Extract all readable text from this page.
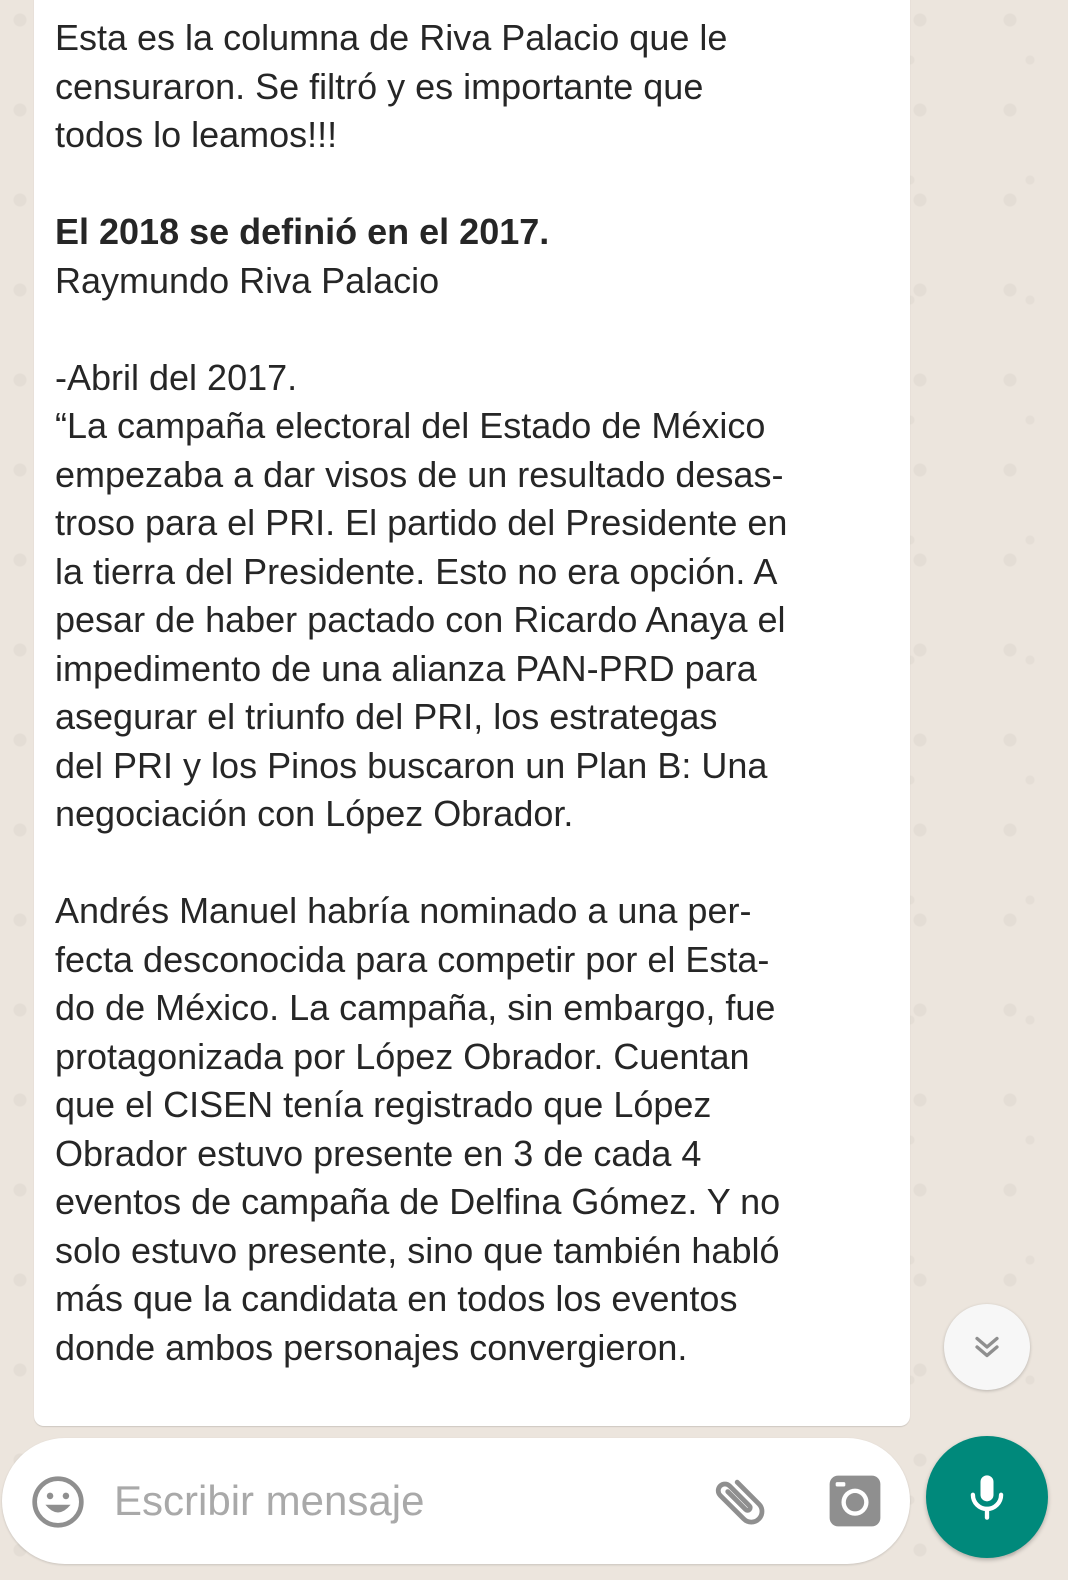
Esta es la columna de Riva Palacio que le

censuraron. Se filtró y es importante que

todos lo leamos!!!

El 2018 se definió en el 2017.

Raymundo Riva Palacio

-Abril del 2017.

“La campaña electoral del Estado de México

empezaba a dar visos de un resultado desas-

troso para el PRI. El partido del Presidente en

la tierra del Presidente. Esto no era opción. A

pesar de haber pactado con Ricardo Anaya el

impedimento de una alianza PAN-PRD para

asegurar el triunfo del PRI, los estrategas

del PRI y los Pinos buscaron un Plan B: Una

negociación con López Obrador.

Andrés Manuel habría nominado a una per-

fecta desconocida para competir por el Esta-

do de México. La campaña, sin embargo, fue

protagonizada por López Obrador. Cuentan

que el CISEN tenía registrado que López

Obrador estuvo presente en 3 de cada 4

eventos de campaña de Delfina Gómez. Y no

solo estuvo presente, sino que también habló

más que la candidata en todos los eventos

donde ambos personajes convergieron.

Escribir mensaje
